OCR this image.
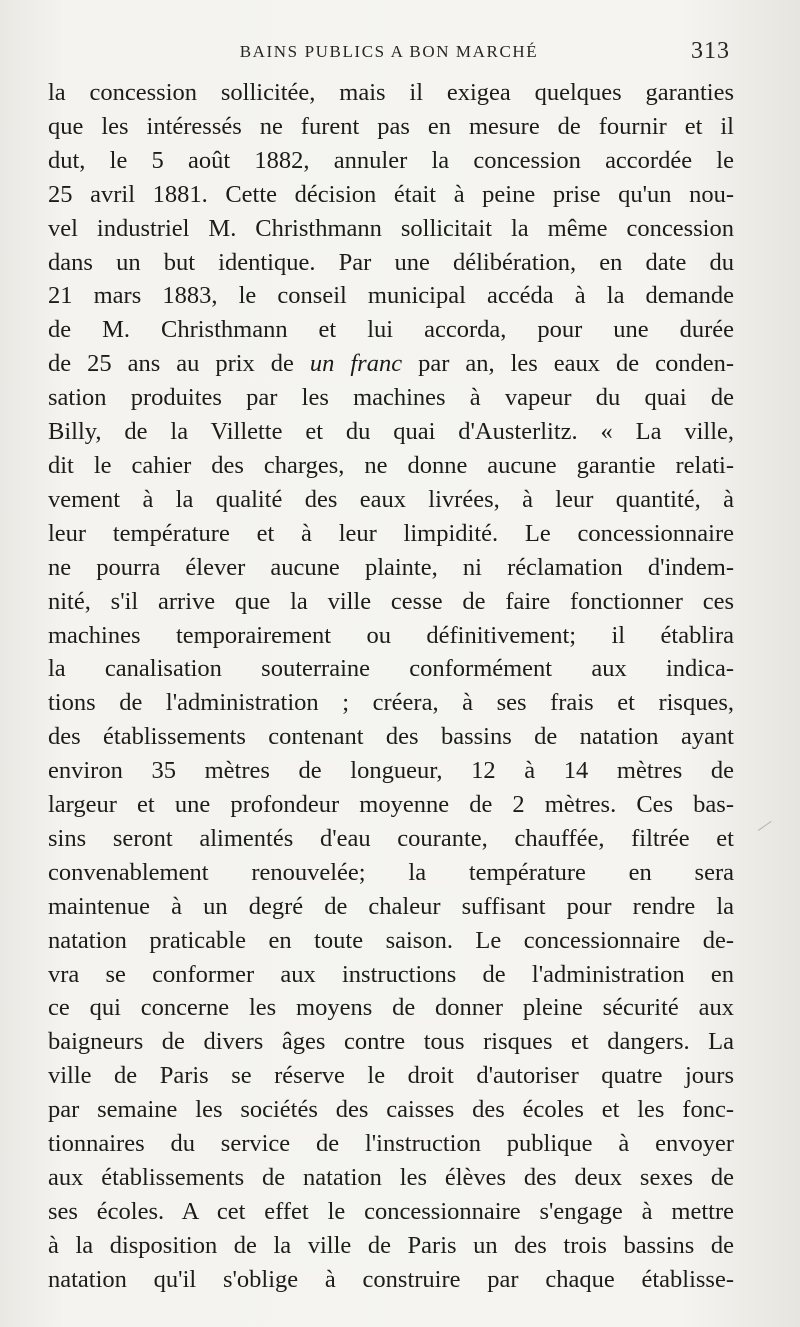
BAINS PUBLICS A BON MARCHÉ	313
la concession sollicitée, mais il exigea quelques garanties
que les intéressés ne furent pas en mesure de fournir et il
dut, le 5 août 1882, annuler la concession accordée le
25 avril 1881. Cette décision était à peine prise qu'un nou-
vel industriel M. Christhmann sollicitait la même concession
dans un but identique. Par une délibération, en date du
21 mars 1883, le conseil municipal accéda à la demande
de M. Christhmann et lui accorda, pour une durée
de 25 ans au prix de un franc par an, les eaux de conden-
sation produites par les machines à vapeur du quai de
Billy, de la Villette et du quai d'Austerlitz. « La ville,
dit le cahier des charges, ne donne aucune garantie relati-
vement à la qualité des eaux livrées, à leur quantité, à
leur température et à leur limpidité. Le concessionnaire
ne pourra élever aucune plainte, ni réclamation d'indem-
nité, s'il arrive que la ville cesse de faire fonctionner ces
machines temporairement ou définitivement; il établira
la canalisation souterraine conformément aux indica-
tions de l'administration ; créera, à ses frais et risques,
des établissements contenant des bassins de natation ayant
environ 35 mètres de longueur, 12 à 14 mètres de
largeur et une profondeur moyenne de 2 mètres. Ces bas-
sins seront alimentés d'eau courante, chauffée, filtrée et
convenablement renouvelée; la température en sera
maintenue à un degré de chaleur suffisant pour rendre la
natation praticable en toute saison. Le concessionnaire de-
vra se conformer aux instructions de l'administration en
ce qui concerne les moyens de donner pleine sécurité aux
baigneurs de divers âges contre tous risques et dangers. La
ville de Paris se réserve le droit d'autoriser quatre jours
par semaine les sociétés des caisses des écoles et les fonc-
tionnaires du service de l'instruction publique à envoyer
aux établissements de natation les élèves des deux sexes de
ses écoles. A cet effet le concessionnaire s'engage à mettre
à la disposition de la ville de Paris un des trois bassins de
natation qu'il s'oblige à construire par chaque établisse-
